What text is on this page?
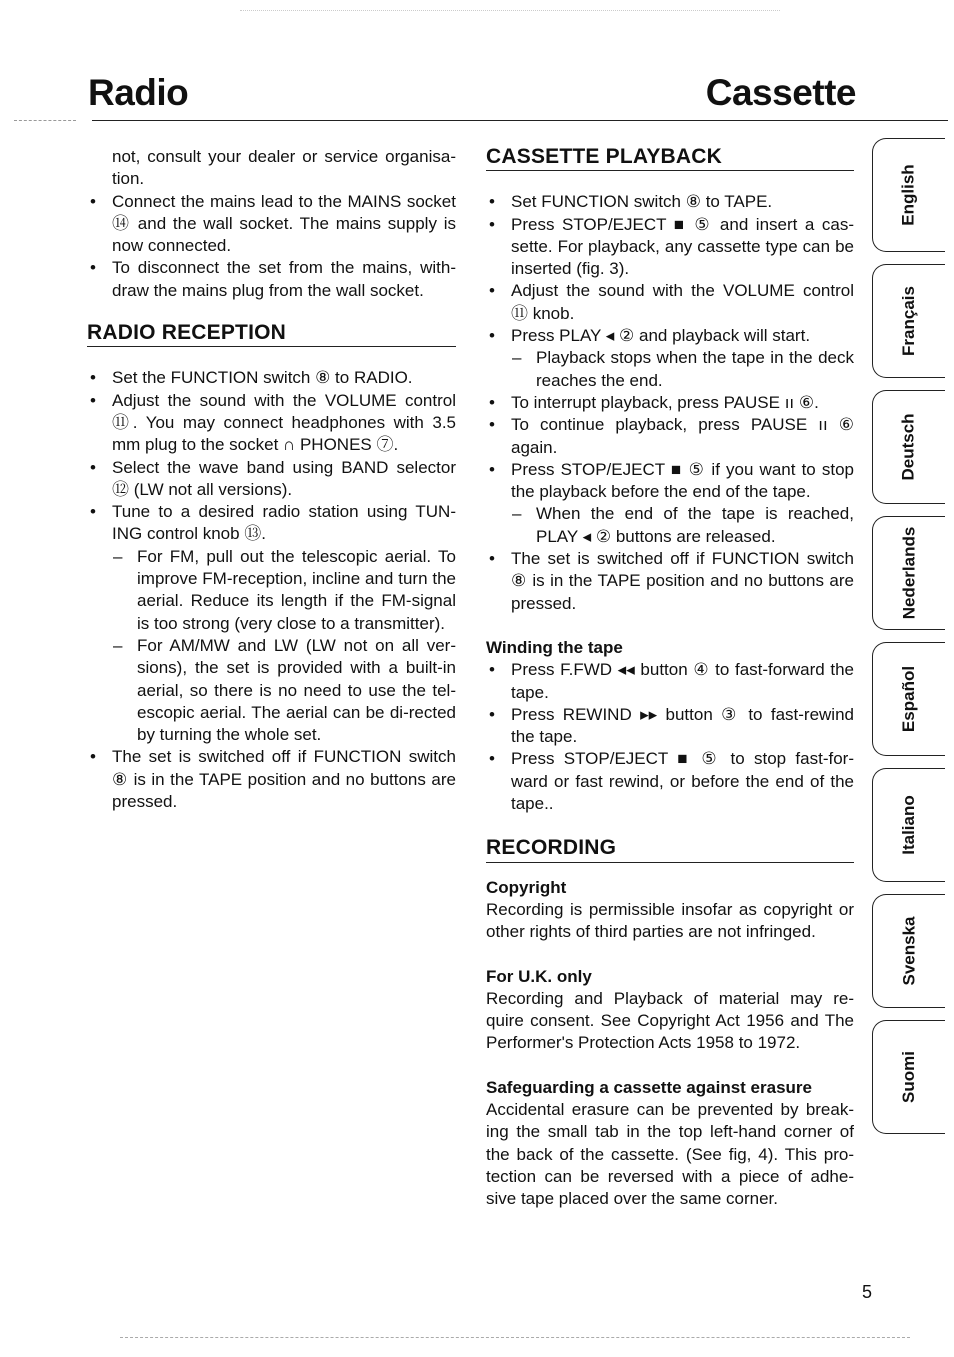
Radio	Cassette

not, consult your dealer or service organisa-tion.

• Connect the mains lead to the MAINS socket ⑭ and the wall socket. The mains supply is now connected.
• To disconnect the set from the mains, with-draw the mains plug from the wall socket.
RADIO RECEPTION
• Set the FUNCTION switch ⑧ to RADIO.
• Adjust the sound with the VOLUME control ⑪. You may connect headphones with 3.5 mm plug to the socket ∩ PHONES ⑦.
• Select the wave band using BAND selector ⑫ (LW not all versions).
• Tune to a desired radio station using TUN-ING control knob ⑬.
– For FM, pull out the telescopic aerial. To improve FM-reception, incline and turn the aerial. Reduce its length if the FM-signal is too strong (very close to a transmitter).
– For AM/MW and LW (LW not on all ver-sions), the set is provided with a built-in aerial, so there is no need to use the tel-escopic aerial. The aerial can be di-rected by turning the whole set.
• The set is switched off if FUNCTION switch ⑧ is in the TAPE position and no buttons are pressed.
CASSETTE PLAYBACK
• Set FUNCTION switch ⑧ to TAPE.
• Press STOP/EJECT ■ ⑤ and insert a cas-sette. For playback, any cassette type can be inserted (fig. 3).
• Adjust the sound with the VOLUME control ⑪ knob.
• Press PLAY ◂ ② and playback will start.
– Playback stops when the tape in the deck reaches the end.
• To interrupt playback, press PAUSE ıı ⑥.
• To continue playback, press PAUSE ıı ⑥ again.
• Press STOP/EJECT ■ ⑤ if you want to stop the playback before the end of the tape.
– When the end of the tape is reached, PLAY ◂ ② buttons are released.
• The set is switched off if FUNCTION switch ⑧ is in the TAPE position and no buttons are pressed.
Winding the tape
• Press F.FWD ◂◂ button ④ to fast-forward the tape.
• Press REWIND ▸▸ button ③ to fast-rewind the tape.
• Press STOP/EJECT ■ ⑤ to stop fast-for-ward or fast rewind, or before the end of the tape..
RECORDING
Copyright

Recording is permissible insofar as copyright or other rights of third parties are not infringed.

For U.K. only

Recording and Playback of material may re-quire consent. See Copyright Act 1956 and The Performer's Protection Acts 1958 to 1972.

Safeguarding a cassette against erasure

Accidental erasure can be prevented by break-ing the small tab in the top left-hand corner of the back of the cassette. (See fig, 4). This pro-tection can be reversed with a piece of adhe-sive tape placed over the same corner.

English
Français
Deutsch
Nederlands
Español
Italiano
Svenska
Suomi
5
